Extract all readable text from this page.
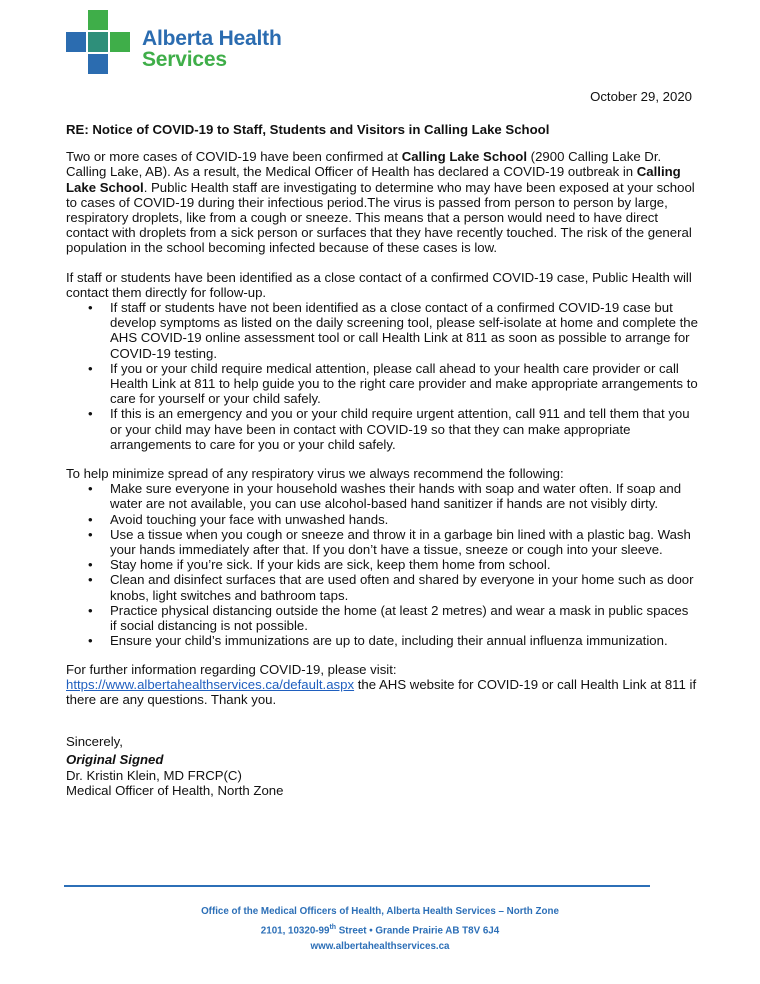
Alberta Health
Services
October 29, 2020

RE: Notice of COVID-19 to Staff, Students and Visitors in Calling Lake School

Two or more cases of COVID-19 have been confirmed at Calling Lake School (2900 Calling Lake Dr. Calling Lake, AB). As a result, the Medical Officer of Health has declared a COVID-19 outbreak in Calling Lake School. Public Health staff are investigating to determine who may have been exposed at your school to cases of COVID-19 during their infectious period.The virus is passed from person to person by large, respiratory droplets, like from a cough or sneeze. This means that a person would need to have direct contact with droplets from a sick person or surfaces that they have recently touched. The risk of the general population in the school becoming infected because of these cases is low.

If staff or students have been identified as a close contact of a confirmed COVID-19 case, Public Health will contact them directly for follow-up.

• If staff or students have not been identified as a close contact of a confirmed COVID-19 case but develop symptoms as listed on the daily screening tool, please self-isolate at home and complete the AHS COVID-19 online assessment tool or call Health Link at 811 as soon as possible to arrange for COVID-19 testing.
• If you or your child require medical attention, please call ahead to your health care provider or call Health Link at 811 to help guide you to the right care provider and make appropriate arrangements to care for yourself or your child safely.
• If this is an emergency and you or your child require urgent attention, call 911 and tell them that you or your child may have been in contact with COVID-19 so that they can make appropriate arrangements to care for you or your child safely.

To help minimize spread of any respiratory virus we always recommend the following:

• Make sure everyone in your household washes their hands with soap and water often. If soap and water are not available, you can use alcohol-based hand sanitizer if hands are not visibly dirty.
• Avoid touching your face with unwashed hands.
• Use a tissue when you cough or sneeze and throw it in a garbage bin lined with a plastic bag. Wash your hands immediately after that. If you don’t have a tissue, sneeze or cough into your sleeve.
• Stay home if you’re sick. If your kids are sick, keep them home from school.
• Clean and disinfect surfaces that are used often and shared by everyone in your home such as door knobs, light switches and bathroom taps.
• Practice physical distancing outside the home (at least 2 metres) and wear a mask in public spaces if social distancing is not possible.
• Ensure your child’s immunizations are up to date, including their annual influenza immunization.

For further information regarding COVID-19, please visit:
https://www.albertahealthservices.ca/default.aspx the AHS website for COVID-19 or call Health Link at 811 if there are any questions. Thank you.

Sincerely,

Original Signed

Dr. Kristin Klein, MD FRCP(C)

Medical Officer of Health, North Zone

Office of the Medical Officers of Health, Alberta Health Services – North Zone
2101, 10320-99th Street • Grande Prairie AB T8V 6J4
www.albertahealthservices.ca
